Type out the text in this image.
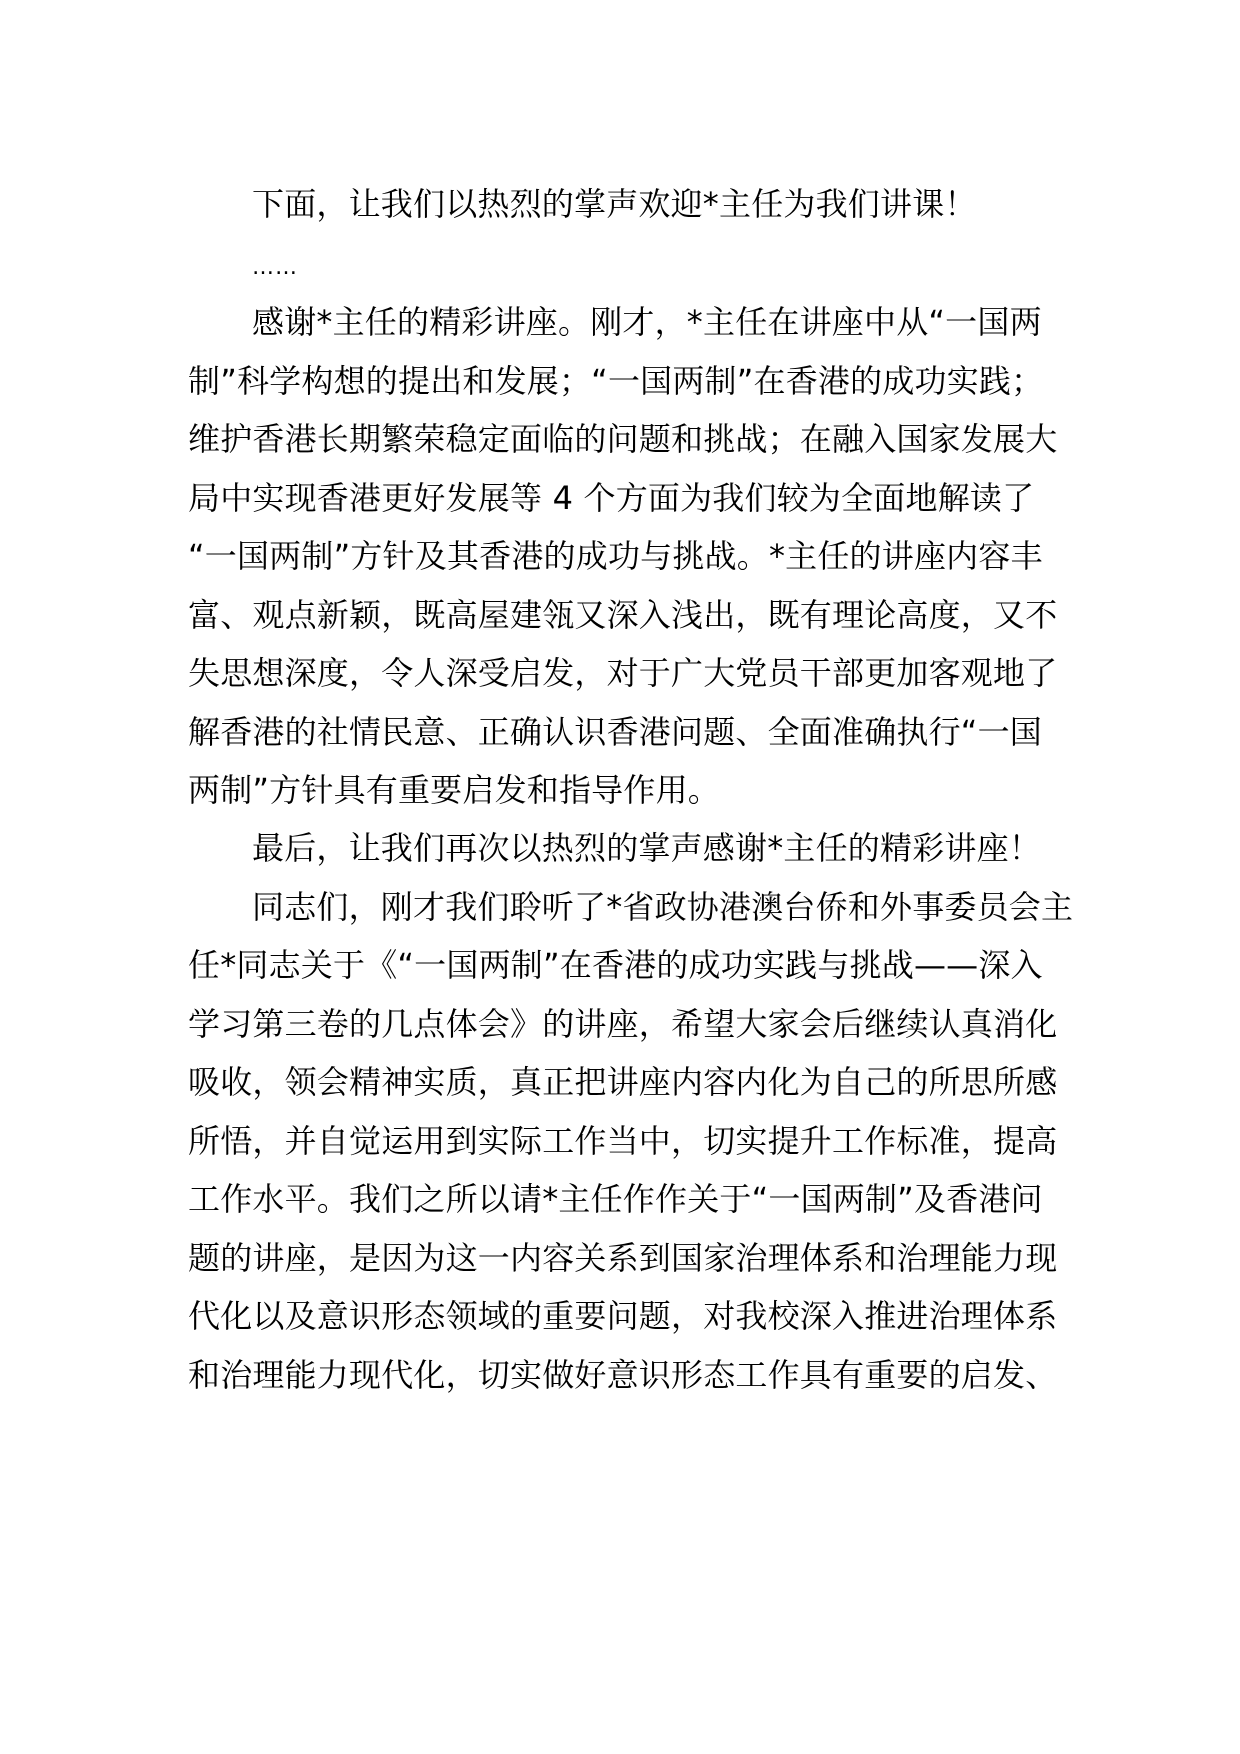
下面，让我们以热烈的掌声欢迎*主任为我们讲课！
……
感谢*主任的精彩讲座。刚才，*主任在讲座中从“一国两
制”科学构想的提出和发展；“一国两制”在香港的成功实践；
维护香港长期繁荣稳定面临的问题和挑战；在融入国家发展大
局中实现香港更好发展等 4 个方面为我们较为全面地解读了
“一国两制”方针及其香港的成功与挑战。*主任的讲座内容丰
富、观点新颖，既高屋建瓴又深入浅出，既有理论高度，又不
失思想深度，令人深受启发，对于广大党员干部更加客观地了
解香港的社情民意、正确认识香港问题、全面准确执行“一国
两制”方针具有重要启发和指导作用。
最后，让我们再次以热烈的掌声感谢*主任的精彩讲座！
同志们，刚才我们聆听了*省政协港澳台侨和外事委员会主
任*同志关于《“一国两制”在香港的成功实践与挑战——深入
学习第三卷的几点体会》的讲座，希望大家会后继续认真消化
吸收，领会精神实质，真正把讲座内容内化为自己的所思所感
所悟，并自觉运用到实际工作当中，切实提升工作标准，提高
工作水平。我们之所以请*主任作作关于“一国两制”及香港问
题的讲座，是因为这一内容关系到国家治理体系和治理能力现
代化以及意识形态领域的重要问题，对我校深入推进治理体系
和治理能力现代化，切实做好意识形态工作具有重要的启发、
